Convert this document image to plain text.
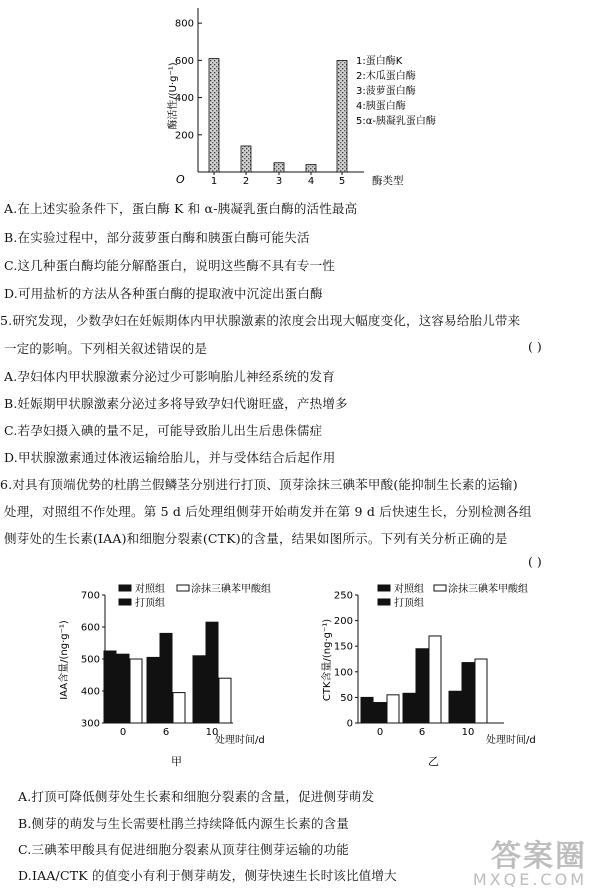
200
400
600
800
1	2	3	4 5
酶活性/(U·g⁻¹)
O	酶类型
1:蛋白酶K
2:木瓜蛋白酶
3:菠萝蛋白酶
4:胰蛋白酶
5:α-胰凝乳蛋白酶
A.在上述实验条件下，蛋白酶 K 和 α-胰凝乳蛋白酶的活性最高
B.在实验过程中，部分菠萝蛋白酶和胰蛋白酶可能失活
C.这几种蛋白酶均能分解酪蛋白，说明这些酶不具有专一性
D.可用盐析的方法从各种蛋白酶的提取液中沉淀出蛋白酶
5.研究发现，少数孕妇在妊娠期体内甲状腺激素的浓度会出现大幅度变化，这容易给胎儿带来
一定的影响。下列相关叙述错误的是	( )
A.孕妇体内甲状腺激素分泌过少可影响胎儿神经系统的发育
B.妊娠期甲状腺激素分泌过多将导致孕妇代谢旺盛，产热增多
C.若孕妇摄入碘的量不足，可能导致胎儿出生后患侏儒症
D.甲状腺激素通过体液运输给胎儿，并与受体结合后起作用
6.对具有顶端优势的杜鹃兰假鳞茎分别进行打顶、顶芽涂抹三碘苯甲酸(能抑制生长素的运输)
处理，对照组不作处理。第 5 d 后处理组侧芽开始萌发并在第 9 d 后快速生长，分别检测各组
侧芽处的生长素(IAA)和细胞分裂素(CTK)的含量，结果如图所示。下列有关分析正确的是
( )
300
400
500
600
700
0	6	10
IAA含量/(ng·g⁻¹)
处理时间/d
甲
对照组	涂抹三碘苯甲酸组
打顶组
0
50
100
150
200
250
0	6	10
CTK含量/(ng·g⁻¹)
处理时间/d
乙
对照组 涂抹三碘苯甲酸组
打顶组
A.打顶可降低侧芽处生长素和细胞分裂素的含量，促进侧芽萌发
B.侧芽的萌发与生长需要杜鹃兰持续降低内源生长素的含量
C.三碘苯甲酸具有促进细胞分裂素从顶芽往侧芽运输的功能
D.IAA/CTK 的值变小有利于侧芽萌发，侧芽快速生长时该比值增大
答案圈
MXQE.COM
